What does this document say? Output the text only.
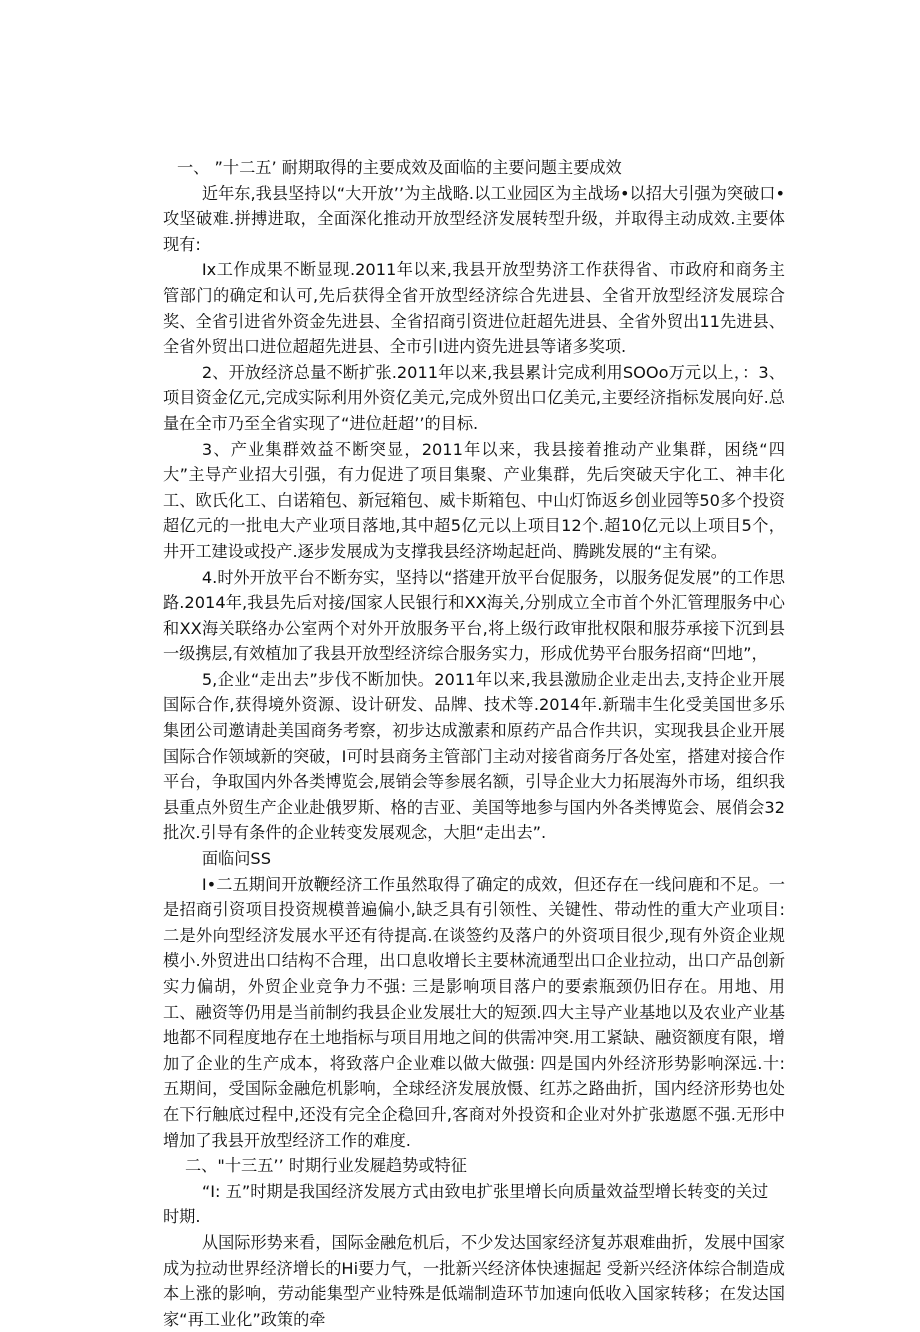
一、 ”十二五’ 耐期取得的主要成效及面临的主要问题主要成效

近年东,我县坚持以“大开放’’为主战略.以工业园区为主战场•以招大引强为突破口•攻坚破难.拼搏进取，全面深化推动开放型经济发展转型升级，并取得主动成效.主要体现有:

Ix工作成果不断显现.2011年以来,我县开放型势济工作获得省、市政府和商务主管部门的确定和认可,先后获得全省开放型经济综合先进县、全省开放型经济发展琮合奖、全省引进省外资金先进县、全省招商引资进位赶超先进县、全省外贸出11先进县、全省外贸出口进位超超先进县、全市引I进内资先进县等诸多奖项.

2、开放经济总量不断扩张.2011年以来,我县累计完成利用SOOo万元以上，：3、项目资金亿元,完成实际利用外资亿美元,完成外贸出口亿美元,主要经济指标发展向好.总量在全市乃至全省实现了“进位赶超’’的目标.

3、产业集群效益不断突显，2011年以来，我县接着推动产业集群，困绕“四大”主导产业招大引强，有力促进了项目集聚、产业集群，先后突破天宇化工、神丰化工、欧氏化工、白诺箱包、新冠箱包、威卡斯箱包、中山灯饰返乡创业园等50多个投资超亿元的一批电大产业项目落地,其中超5亿元以上项目12个.超10亿元以上项目5个，井开工建设或投产.逐步发展成为支撑我县经济坳起赶尚、腾跳发展的“主有梁。

4.时外开放平台不断夯实，坚持以“搭建开放平台促服务，以服务促发展”的工作思路.2014年,我县先后对接/国家人民银行和XX海关,分别成立全市首个外汇管理服务中心和XX海关联络办公室两个对外开放服务平台,将上级行政审批权限和服芬承接下沉到县一级携层,有效植加了我县开放型经济综合服务实力，形成优势平台服务招商“凹地”，

5,企业“走出去”步伐不断加快。2011年以来,我县激励企业走出去,支持企业开展国际合作,获得境外资源、设计研发、品牌、技术等.2014年.新瑞丰生化受美国世多乐集团公司邀请赴美国商务考察，初步达成激素和原药产品合作共识，实现我县企业开展国际合作领域新的突破，I可时县商务主管部门主动对接省商务厅各处室，搭建对接合作平台，争取国内外各类博览会,展销会等参展名额，引导企业大力拓展海外市场，组织我县重点外贸生产企业赴俄罗斯、格的吉亚、美国等地参与国内外各类博览会、展俏会32批次.引导有条件的企业转变发展观念，大胆“走出去”.

面临问SS

I•二五期间开放鞭经济工作虽然取得了确定的成效，但还存在一线问鹿和不足。一是招商引资项目投资规模普遍偏小,缺乏具有引领性、关键性、带动性的重大产业项目: 二是外向型经济发展水平还有待提高.在谈签约及落户的外资项目很少,现有外资企业规模小.外贸进出口结构不合理，出口息收增长主要林流通型出口企业拉动，出口产品创新实力偏胡，外贸企业竞争力不强: 三是影响项目落户的要索瓶颈仍旧存在。用地、用工、融资等仍用是当前制约我县企业发展壮大的短颈.四大主导产业基地以及农业产业基地都不同程度地存在土地指标与项目用地之间的供需冲突.用工紧缺、融资额度有限，增加了企业的生产成本，将致落户企业难以做大做强: 四是国内外经济形势影响深远.十: 五期间，受国际金融危机影响，全球经济发展放慑、红苏之路曲折，国内经济形势也处在下行触底过程中,还没有完全企稳回升,客商对外投资和企业对外扩张遨愿不强.无形中增加了我县开放型经济工作的难度.

二、"十三五’’ 时期行业发屣趋势或特征

“I: 五”时期是我国经济发展方式由致电扩张里增长向质量效益型增长转变的关过

时期.

从国际形势来看，国际金融危机后，不少发达国家经济复苏艰难曲折，发展中国家成为拉动世界经济增长的Hi要力气，一批新兴经济体快速掘起 受新兴经济体综合制造成本上涨的影响，劳动能集型产业特殊是低端制造环节加速向低收入国家转移；在发达国家“再工业化”政策的牵
